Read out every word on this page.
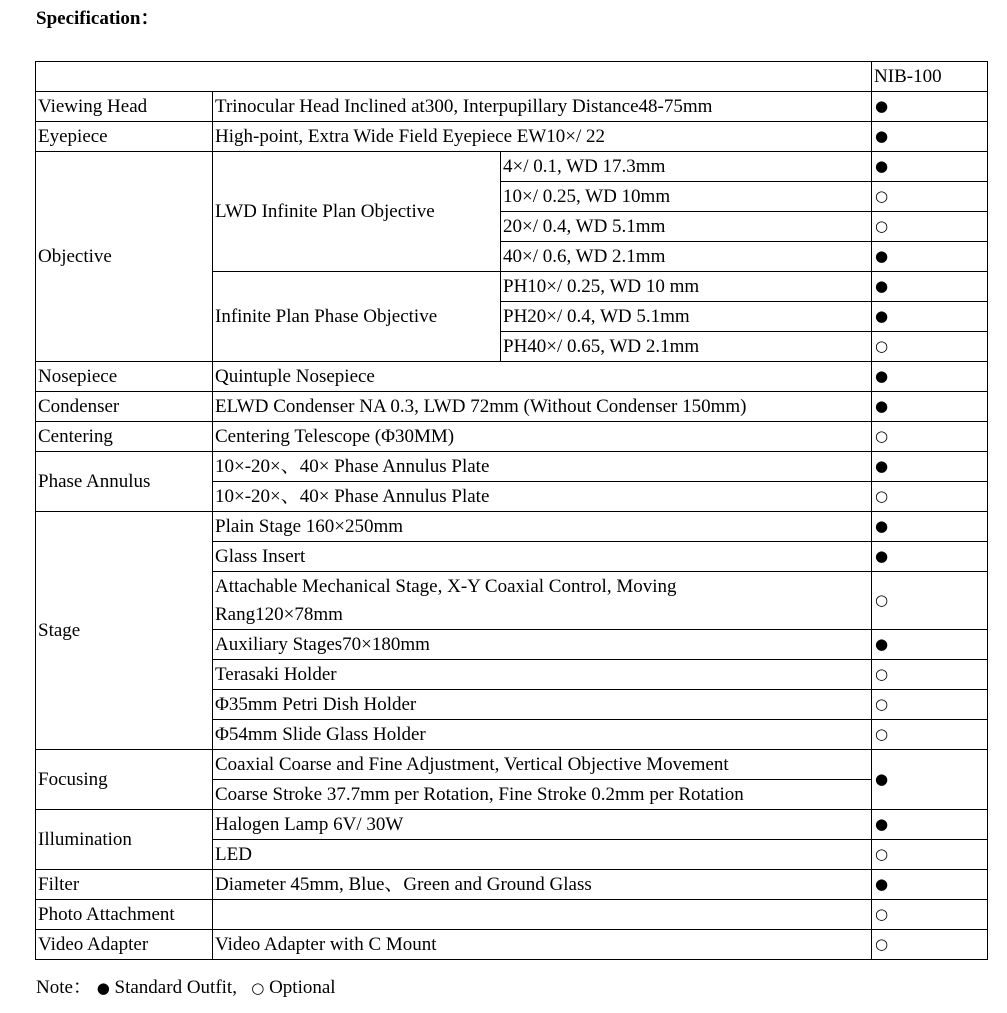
Specification：
			NIB-100
Viewing Head	Trinocular Head Inclined at300, Interpupillary Distance48-75mm		●
Eyepiece	High-point, Extra Wide Field Eyepiece EW10×/ 22		●
Objective	LWD Infinite Plan Objective	4×/ 0.1, WD 17.3mm	●
		10×/ 0.25, WD 10mm	○
		20×/ 0.4, WD 5.1mm	○
		40×/ 0.6, WD 2.1mm	●
	Infinite Plan Phase Objective	PH10×/ 0.25, WD 10 mm	●
		PH20×/ 0.4, WD 5.1mm	●
		PH40×/ 0.65, WD 2.1mm	○
Nosepiece	Quintuple Nosepiece		●
Condenser	ELWD Condenser NA 0.3, LWD 72mm (Without Condenser 150mm)		●
Centering	Centering Telescope (Φ30MM)		○
Phase Annulus	10×-20×、40× Phase Annulus Plate		●
	10×-20×、40× Phase Annulus Plate		○
Stage	Plain Stage 160×250mm		●
	Glass Insert		●
	Attachable Mechanical Stage, X-Y Coaxial Control, Moving Rang120×78mm		○
	Auxiliary Stages70×180mm		●
	Terasaki Holder		○
	Φ35mm Petri Dish Holder		○
	Φ54mm Slide Glass Holder		○
Focusing	Coaxial Coarse and Fine Adjustment, Vertical Objective Movement		●
	Coarse Stroke 37.7mm per Rotation, Fine Stroke 0.2mm per Rotation		
Illumination	Halogen Lamp 6V/ 30W		●
	LED		○
Filter	Diameter 45mm, Blue、Green and Ground Glass		●
Photo Attachment			○
Video Adapter	Video Adapter with C Mount		○
Note： ● Standard Outfit, ○ Optional
